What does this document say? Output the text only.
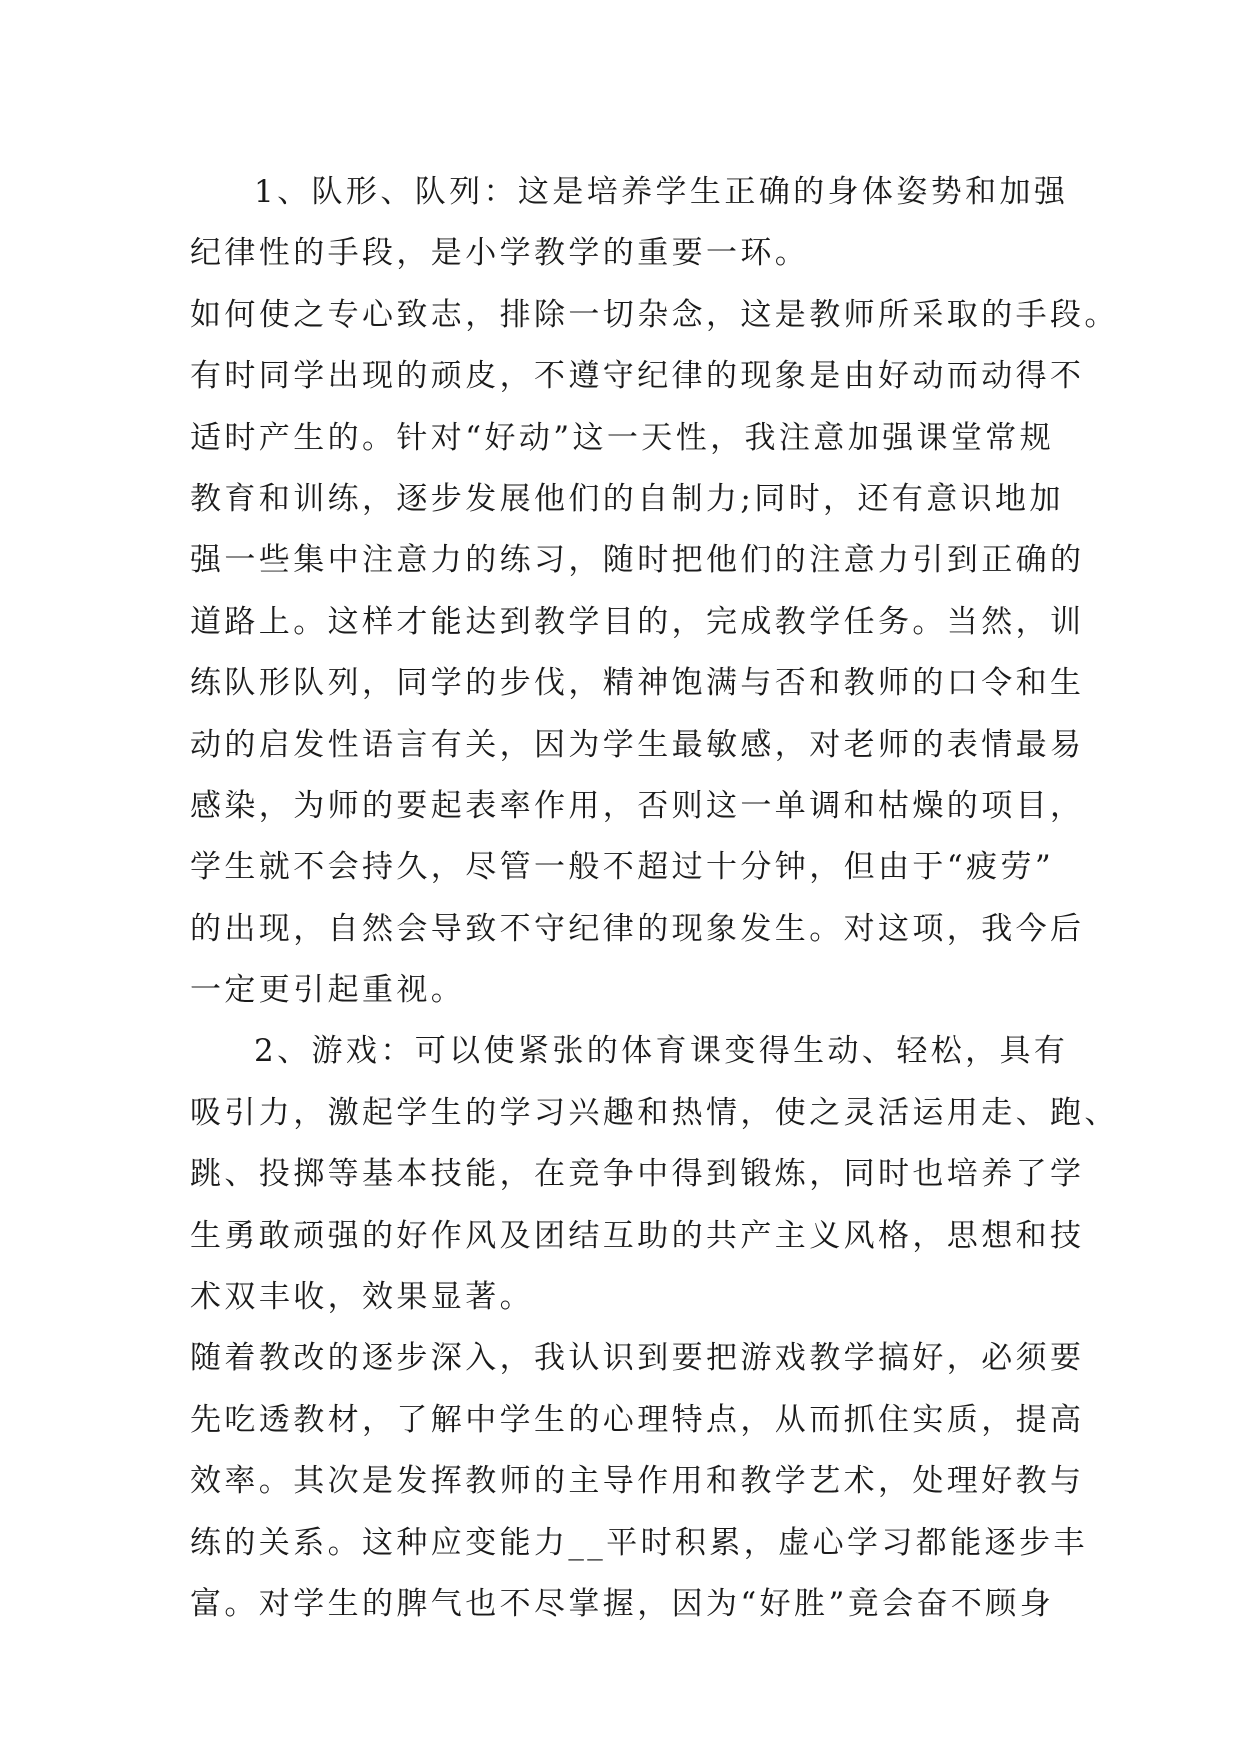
1、队形、队列：这是培养学生正确的身体姿势和加强
纪律性的手段，是小学教学的重要一环。
如何使之专心致志，排除一切杂念，这是教师所采取的手段。
有时同学出现的顽皮，不遵守纪律的现象是由好动而动得不
适时产生的。针对“好动”这一天性，我注意加强课堂常规
教育和训练，逐步发展他们的自制力;同时，还有意识地加
强一些集中注意力的练习，随时把他们的注意力引到正确的
道路上。这样才能达到教学目的，完成教学任务。当然，训
练队形队列，同学的步伐，精神饱满与否和教师的口令和生
动的启发性语言有关，因为学生最敏感，对老师的表情最易
感染，为师的要起表率作用，否则这一单调和枯燥的项目，
学生就不会持久，尽管一般不超过十分钟，但由于“疲劳”
的出现，自然会导致不守纪律的现象发生。对这项，我今后
一定更引起重视。
2、游戏：可以使紧张的体育课变得生动、轻松，具有
吸引力，激起学生的学习兴趣和热情，使之灵活运用走、跑、
跳、投掷等基本技能，在竞争中得到锻炼，同时也培养了学
生勇敢顽强的好作风及团结互助的共产主义风格，思想和技
术双丰收，效果显著。
随着教改的逐步深入，我认识到要把游戏教学搞好，必须要
先吃透教材，了解中学生的心理特点，从而抓住实质，提高
效率。其次是发挥教师的主导作用和教学艺术，处理好教与
练的关系。这种应变能力__平时积累，虚心学习都能逐步丰
富。对学生的脾气也不尽掌握，因为“好胜”竟会奋不顾身
